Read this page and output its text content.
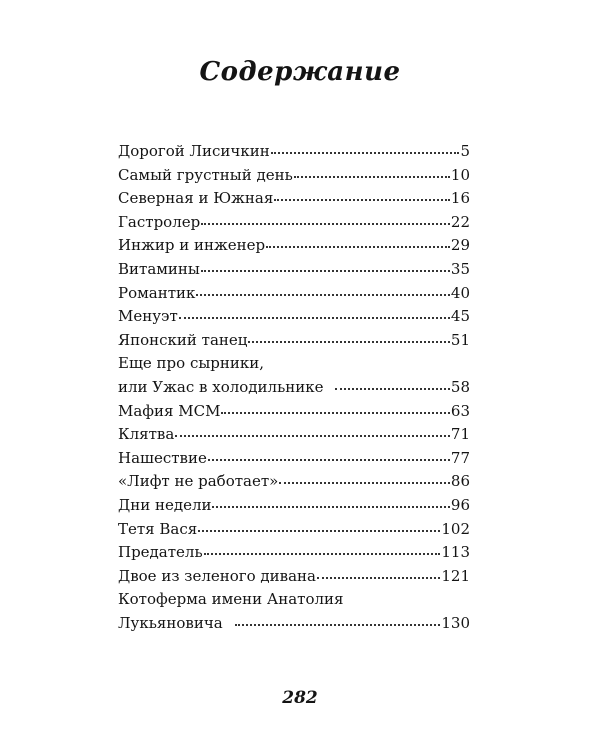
Содержание
Дорогой Лисичкин	5
Самый грустный день	10
Северная и Южная	16
Гастролер	22
Инжир и инженер	29
Витамины	35
Романтик	40
Менуэт	45
Японский танец	51
Еще про сырники,
или Ужас в холодильнике	58
Мафия МСМ	63
Клятва	71
Нашествие	77
«Лифт не работает»	86
Дни недели	96
Тетя Вася	102
Предатель	113
Двое из зеленого дивана	121
Котоферма имени Анатолия
Лукьяновича	130
282
